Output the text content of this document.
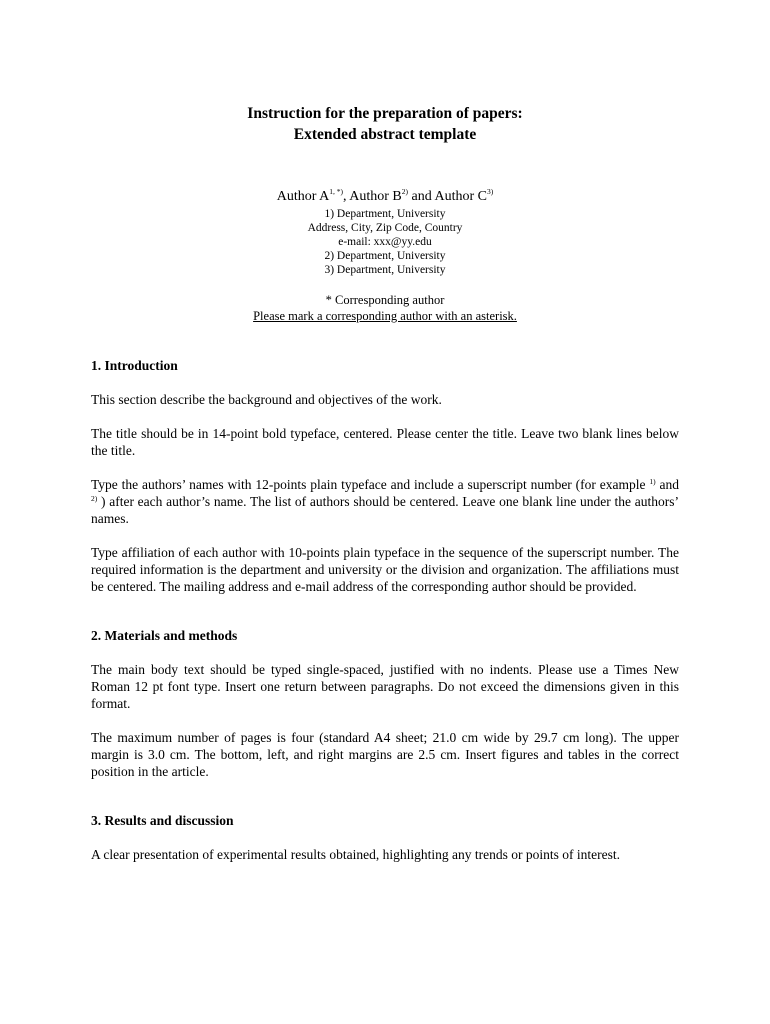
Instruction for the preparation of papers:

Extended abstract template

Author $A^{1, *)}$, Author $B^{2)}$ and Author $C^{3)}$

1) Department, University

Address, City, Zip Code, Country

e-mail: xxx@yy.edu

2) Department, University

3) Department, University

* Corresponding author
Please mark a corresponding author with an asterisk.

1. Introduction

This section describe the background and objectives of the work.

The title should be in 14-point bold typeface, centered. Please center the title. Leave two blank lines below the title.

Type the authors’ names with 12-points plain typeface and include a superscript number (for example $^{1)}$ and $^{2)}$ ) after each author’s name. The list of authors should be centered. Leave one blank line under the authors’ names.

Type affiliation of each author with 10-points plain typeface in the sequence of the superscript number. The required information is the department and university or the division and organization. The affiliations must be centered. The mailing address and e-mail address of the corresponding author should be provided.

2. Materials and methods

The main body text should be typed single-spaced, justified with no indents. Please use a Times New Roman 12 pt font type. Insert one return between paragraphs. Do not exceed the dimensions given in this format.

The maximum number of pages is four (standard A4 sheet; 21.0 cm wide by 29.7 cm long). The upper margin is 3.0 cm. The bottom, left, and right margins are 2.5 cm. Insert figures and tables in the correct position in the article.

3. Results and discussion

A clear presentation of experimental results obtained, highlighting any trends or points of interest.
